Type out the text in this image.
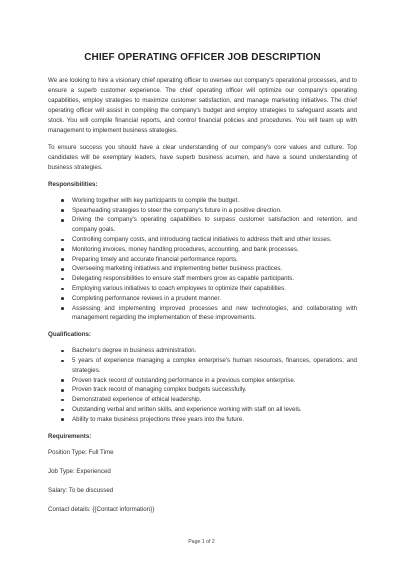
CHIEF OPERATING OFFICER JOB DESCRIPTION

We are looking to hire a visionary chief operating officer to oversee our company's operational processes, and to ensure a superb customer experience. The chief operating officer will optimize our company's operating capabilities, employ strategies to maximize customer satisfaction, and manage marketing initiatives. The chief operating officer will assist in compiling the company's budget and employ strategies to safeguard assets and stock. You will compile financial reports, and control financial policies and procedures. You will team up with management to implement business strategies.

To ensure success you should have a clear understanding of our company's core values and culture. Top candidates will be exemplary leaders, have superb business acumen, and have a sound understanding of business strategies.

Responsibilities:
Working together with key participants to compile the budget.
Spearheading strategies to steer the company's future in a positive direction.
Driving the company's operating capabilities to surpass customer satisfaction and retention, and company goals.
Controlling company costs, and introducing tactical initiatives to address theft and other losses.
Monitoring invoices, money handling procedures, accounting, and bank processes.
Preparing timely and accurate financial performance reports.
Overseeing marketing initiatives and implementing better business practices.
Delegating responsibilities to ensure staff members grow as capable participants.
Employing various initiatives to coach employees to optimize their capabilities.
Completing performance reviews in a prudent manner.
Assessing and implementing improved processes and new technologies, and collaborating with management regarding the implementation of these improvements.
Qualifications:
Bachelor's degree in business administration.
5 years of experience managing a complex enterprise's human resources, finances, operations, and strategies.
Proven track record of outstanding performance in a previous complex enterprise.
Proven track record of managing complex budgets successfully.
Demonstrated experience of ethical leadership.
Outstanding verbal and written skills, and experience working with staff on all levels.
Ability to make business projections three years into the future.
Requirements:
Position Type: Full Time
Job Type: Experienced
Salary: To be discussed
Contact details: {{Contact information}}
Page 1 of 2
